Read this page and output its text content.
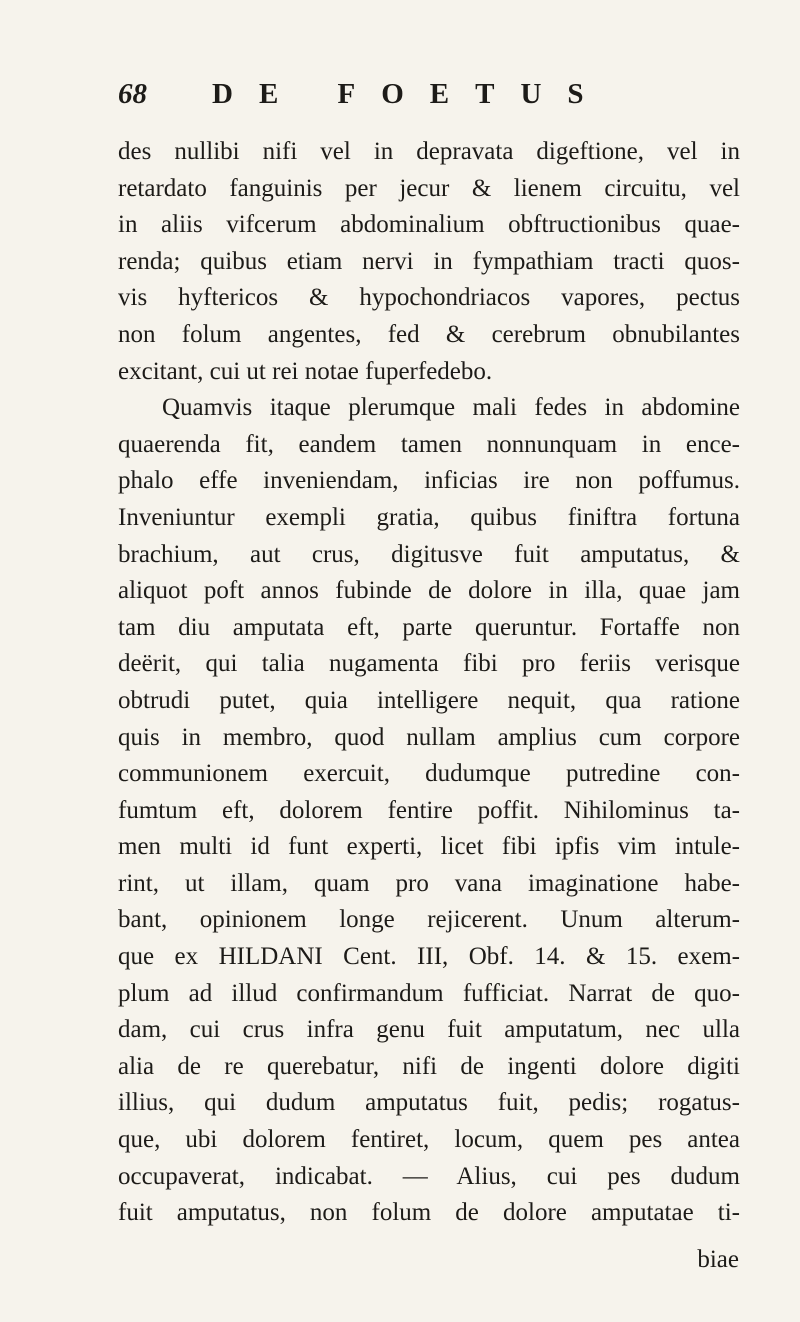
68 DE FOETUS
des nullibi nifi vel in depravata digeftione, vel in
retardato fanguinis per jecur & lienem circuitu, vel
in aliis vifcerum abdominalium obftructionibus quae-
renda; quibus etiam nervi in fympathiam tracti quos-
vis hyftericos & hypochondriacos vapores, pectus
non folum angentes, fed & cerebrum obnubilantes
excitant, cui ut rei notae fuperfedebo.
Quamvis itaque plerumque mali fedes in abdomine
quaerenda fit, eandem tamen nonnunquam in ence-
phalo effe inveniendam, inficias ire non poffumus.
Inveniuntur exempli gratia, quibus finiftra fortuna
brachium, aut crus, digitusve fuit amputatus, &
aliquot poft annos fubinde de dolore in illa, quae jam
tam diu amputata eft, parte queruntur. Fortaffe non
deërit, qui talia nugamenta fibi pro feriis verisque
obtrudi putet, quia intelligere nequit, qua ratione
quis in membro, quod nullam amplius cum corpore
communionem exercuit, dudumque putredine con-
fumtum eft, dolorem fentire poffit. Nihilominus ta-
men multi id funt experti, licet fibi ipfis vim intule-
rint, ut illam, quam pro vana imaginatione habe-
bant, opinionem longe rejicerent. Unum alterum-
que ex HILDANI Cent. III, Obf. 14. & 15. exem-
plum ad illud confirmandum fufficiat. Narrat de quo-
dam, cui crus infra genu fuit amputatum, nec ulla
alia de re querebatur, nifi de ingenti dolore digiti
illius, qui dudum amputatus fuit, pedis; rogatus-
que, ubi dolorem fentiret, locum, quem pes antea
occupaverat, indicabat. — Alius, cui pes dudum
fuit amputatus, non folum de dolore amputatae ti-
biae
